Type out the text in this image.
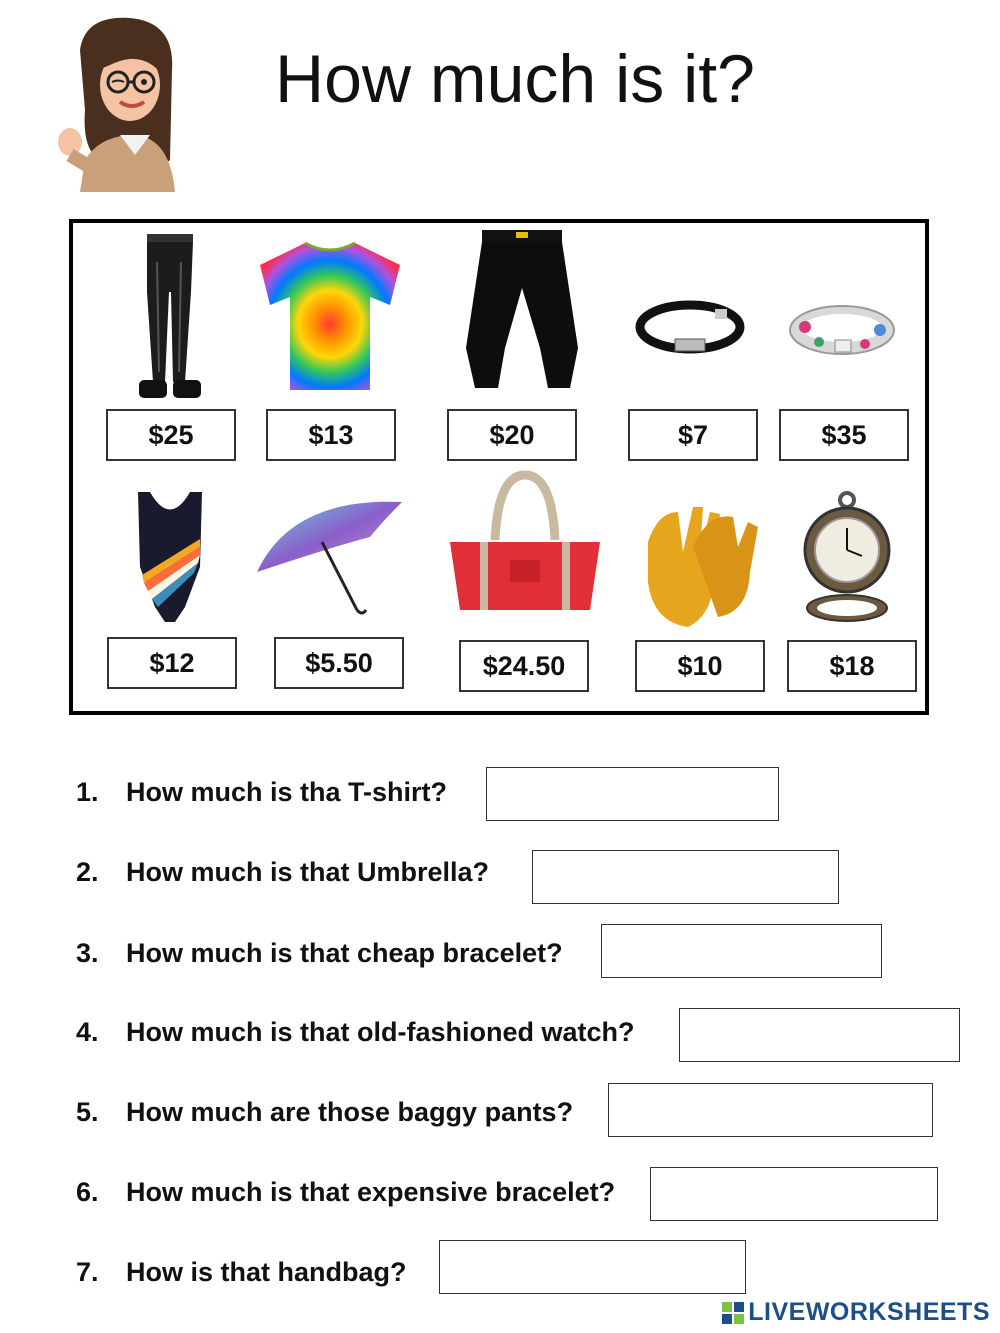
How much is it?
$25	$13	$20	$7	$35
$12	$5.50	$24.50	$10	$18
1. How much is tha T-shirt?
2. How much is that Umbrella?
3. How much is that cheap bracelet?
4. How much is that old-fashioned watch?
5. How much are those baggy pants?
6. How much is that expensive bracelet?
7. How is that handbag?
LIVEWORKSHEETS
